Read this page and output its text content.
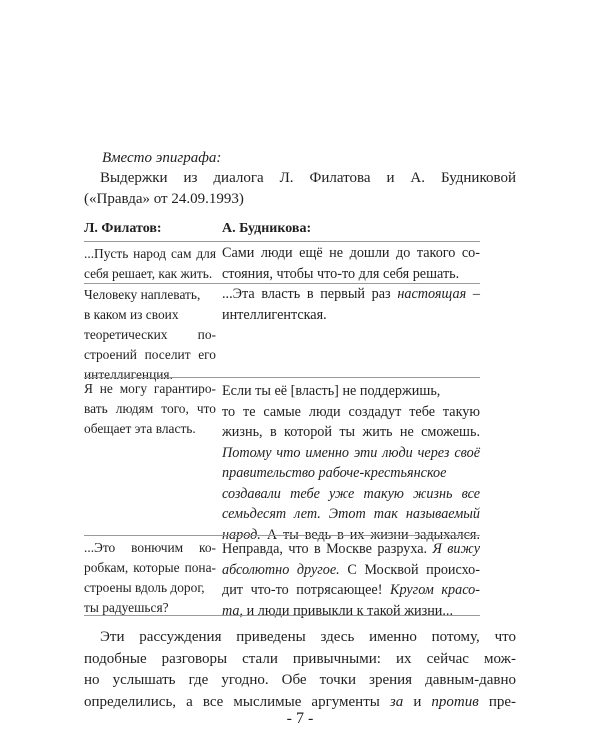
Вместо эпиграфа:

Выдержки из диалога Л. Филатова и А. Будниковой

(«Правда» от 24.09.1993)

Л. Филатов:	А. Будникова:
...Пусть народ сам для
себя решает, как жить.
Сами люди ещё не дошли до такого со-
стояния, чтобы что-то для себя решать.
Человеку наплевать,
в каком из своих
теоретических по-
строений поселит его
интеллигенция.
...Эта власть в первый раз настоящая –
интеллигентская.
Я не могу гарантиро-
вать людям того, что
обещает эта власть.
Если ты её [власть] не поддержишь,
то те самые люди создадут тебе такую
жизнь, в которой ты жить не сможешь.
Потому что именно эти люди через своё
правительство рабоче-крестьянское
создавали тебе уже такую жизнь все
семьдесят лет. Этот так называемый
народ. А ты ведь в их жизни задыхался.
...Это вонючим ко-
робкам, которые пона-
строены вдоль дорог,
ты радуешься?
Неправда, что в Москве разруха. Я вижу
абсолютно другое. С Москвой происхо-
дит что-то потрясающее! Кругом красо-
та, и люди привыкли к такой жизни...
Эти рассуждения приведены здесь именно потому, что
подобные разговоры стали привычными: их сейчас мож-
но услышать где угодно. Обе точки зрения давным-давно
определились, а все мыслимые аргументы за и против пре-
- 7 -
